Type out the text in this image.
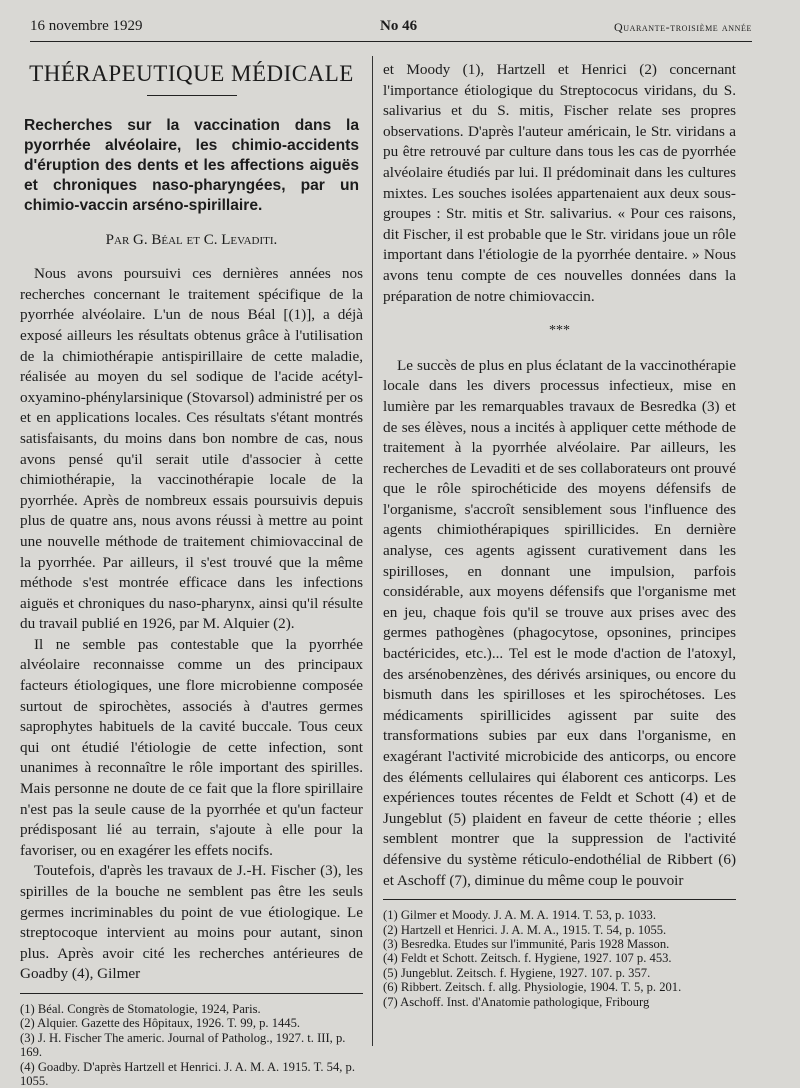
16 novembre 1929	No 46	Quarante-troisième année
THÉRAPEUTIQUE MÉDICALE
Recherches sur la vaccination dans la pyorrhée alvéolaire, les chimio-accidents d'éruption des dents et les affections aiguës et chroniques naso-pharyngées, par un chimio-vaccin arséno-spirillaire.
Par G. Béal et C. Levaditi.

Nous avons poursuivi ces dernières années nos recherches concernant le traitement spécifique de la pyorrhée alvéolaire. L'un de nous Béal [(1)], a déjà exposé ailleurs les résultats obtenus grâce à l'utilisation de la chimiothérapie antispirillaire de cette maladie, réalisée au moyen du sel sodique de l'acide acétyl-oxyamino-phénylarsinique (Stovarsol) administré per os et en applications locales. Ces résultats s'étant montrés satisfaisants, du moins dans bon nombre de cas, nous avons pensé qu'il serait utile d'associer à cette chimiothérapie, la vaccinothérapie locale de la pyorrhée. Après de nombreux essais poursuivis depuis plus de quatre ans, nous avons réussi à mettre au point une nouvelle méthode de traitement chimiovaccinal de la pyorrhée. Par ailleurs, il s'est trouvé que la même méthode s'est montrée efficace dans les infections aiguës et chroniques du naso-pharynx, ainsi qu'il résulte du travail publié en 1926, par M. Alquier (2).

Il ne semble pas contestable que la pyorrhée alvéolaire reconnaisse comme un des principaux facteurs étiologiques, une flore microbienne composée surtout de spirochètes, associés à d'autres germes saprophytes habituels de la cavité buccale. Tous ceux qui ont étudié l'étiologie de cette infection, sont unanimes à reconnaître le rôle important des spirilles. Mais personne ne doute de ce fait que la flore spirillaire n'est pas la seule cause de la pyorrhée et qu'un facteur prédisposant lié au terrain, s'ajoute à elle pour la favoriser, ou en exagérer les effets nocifs.

Toutefois, d'après les travaux de J.-H. Fischer (3), les spirilles de la bouche ne semblent pas être les seuls germes incriminables du point de vue étiologique. Le streptocoque intervient au moins pour autant, sinon plus. Après avoir cité les recherches antérieures de Goadby (4), Gilmer

(1) Béal. Congrès de Stomatologie, 1924, Paris.
(2) Alquier. Gazette des Hôpitaux, 1926. T. 99, p. 1445.
(3) J. H. Fischer The americ. Journal of Patholog., 1927. t. III, p. 169.
(4) Goadby. D'après Hartzell et Henrici. J. A. M. A. 1915. T. 54, p. 1055.

et Moody (1), Hartzell et Henrici (2) concernant l'importance étiologique du Streptococus viridans, du S. salivarius et du S. mitis, Fischer relate ses propres observations. D'après l'auteur américain, le Str. viridans a pu être retrouvé par culture dans tous les cas de pyorrhée alvéolaire étudiés par lui. Il prédominait dans les cultures mixtes. Les souches isolées appartenaient aux deux sous-groupes : Str. mitis et Str. salivarius. « Pour ces raisons, dit Fischer, il est probable que le Str. viridans joue un rôle important dans l'étiologie de la pyorrhée dentaire. » Nous avons tenu compte de ces nouvelles données dans la préparation de notre chimiovaccin.

***

Le succès de plus en plus éclatant de la vaccinothérapie locale dans les divers processus infectieux, mise en lumière par les remarquables travaux de Besredka (3) et de ses élèves, nous a incités à appliquer cette méthode de traitement à la pyorrhée alvéolaire. Par ailleurs, les recherches de Levaditi et de ses collaborateurs ont prouvé que le rôle spirochéticide des moyens défensifs de l'organisme, s'accroît sensiblement sous l'influence des agents chimiothérapiques spirillicides. En dernière analyse, ces agents agissent curativement dans les spirilloses, en donnant une impulsion, parfois considérable, aux moyens défensifs que l'organisme met en jeu, chaque fois qu'il se trouve aux prises avec des germes pathogènes (phagocytose, opsonines, principes bactéricides, etc.)... Tel est le mode d'action de l'atoxyl, des arsénobenzènes, des dérivés arsiniques, ou encore du bismuth dans les spirilloses et les spirochétoses. Les médicaments spirillicides agissent par suite des transformations subies par eux dans l'organisme, en exagérant l'activité microbicide des anticorps, ou encore des éléments cellulaires qui élaborent ces anticorps. Les expériences toutes récentes de Feldt et Schott (4) et de Jungeblut (5) plaident en faveur de cette théorie ; elles semblent montrer que la suppression de l'activité défensive du système réticulo-endothélial de Ribbert (6) et Aschoff (7), diminue du même coup le pouvoir

(1) Gilmer et Moody. J. A. M. A. 1914. T. 53, p. 1033.
(2) Hartzell et Henrici. J. A. M. A., 1915. T. 54, p. 1055.
(3) Besredka. Etudes sur l'immunité, Paris 1928 Masson.
(4) Feldt et Schott. Zeitsch. f. Hygiene, 1927. 107 p. 453.
(5) Jungeblut. Zeitsch. f. Hygiene, 1927. 107. p. 357.
(6) Ribbert. Zeitsch. f. allg. Physiologie, 1904. T. 5, p. 201.
(7) Aschoff. Inst. d'Anatomie pathologique, Fribourg
